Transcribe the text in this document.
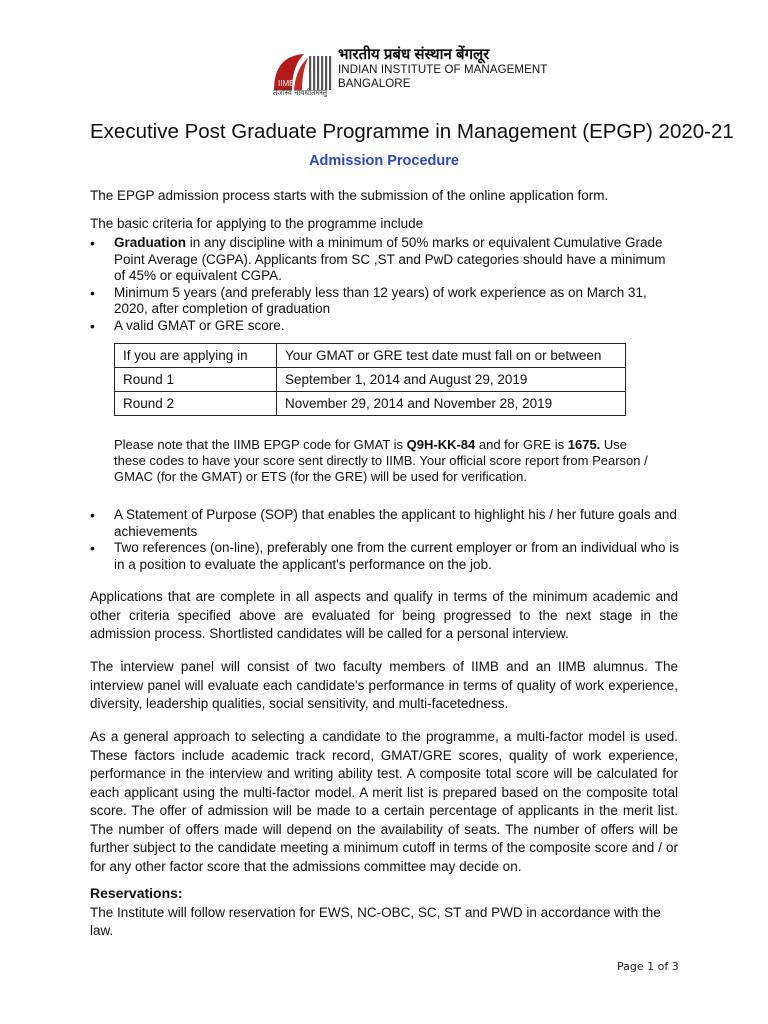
IIMB
तेजस्वि नावधीतमस्तु
भारतीय प्रबंध संस्थान बेंगलूर
INDIAN INSTITUTE OF MANAGEMENT
BANGALORE
Executive Post Graduate Programme in Management (EPGP) 2020-21
Admission Procedure
The EPGP admission process starts with the submission of the online application form.
The basic criteria for applying to the programme include
• Graduation in any discipline with a minimum of 50% marks or equivalent Cumulative Grade Point Average (CGPA). Applicants from SC ,ST and PwD categories should have a minimum of 45% or equivalent CGPA.
• Minimum 5 years (and preferably less than 12 years) of work experience as on March 31, 2020, after completion of graduation
• A valid GMAT or GRE score.
If you are applying in	Your GMAT or GRE test date must fall on or between
Round 1	September 1, 2014 and August 29, 2019
Round 2	November 29, 2014 and November 28, 2019
Please note that the IIMB EPGP code for GMAT is Q9H-KK-84 and for GRE is 1675. Use these codes to have your score sent directly to IIMB. Your official score report from Pearson / GMAC (for the GMAT) or ETS (for the GRE) will be used for verification.
• A Statement of Purpose (SOP) that enables the applicant to highlight his / her future goals and achievements
• Two references (on-line), preferably one from the current employer or from an individual who is in a position to evaluate the applicant's performance on the job.
Applications that are complete in all aspects and qualify in terms of the minimum academic and other criteria specified above are evaluated for being progressed to the next stage in the admission process. Shortlisted candidates will be called for a personal interview.
The interview panel will consist of two faculty members of IIMB and an IIMB alumnus. The interview panel will evaluate each candidate's performance in terms of quality of work experience, diversity, leadership qualities, social sensitivity, and multi-facetedness.
As a general approach to selecting a candidate to the programme, a multi-factor model is used. These factors include academic track record, GMAT/GRE scores, quality of work experience, performance in the interview and writing ability test. A composite total score will be calculated for each applicant using the multi-factor model. A merit list is prepared based on the composite total score. The offer of admission will be made to a certain percentage of applicants in the merit list. The number of offers made will depend on the availability of seats. The number of offers will be further subject to the candidate meeting a minimum cutoff in terms of the composite score and / or for any other factor score that the admissions committee may decide on.
Reservations:
The Institute will follow reservation for EWS, NC-OBC, SC, ST and PWD in accordance with the law.
Page 1 of 3
